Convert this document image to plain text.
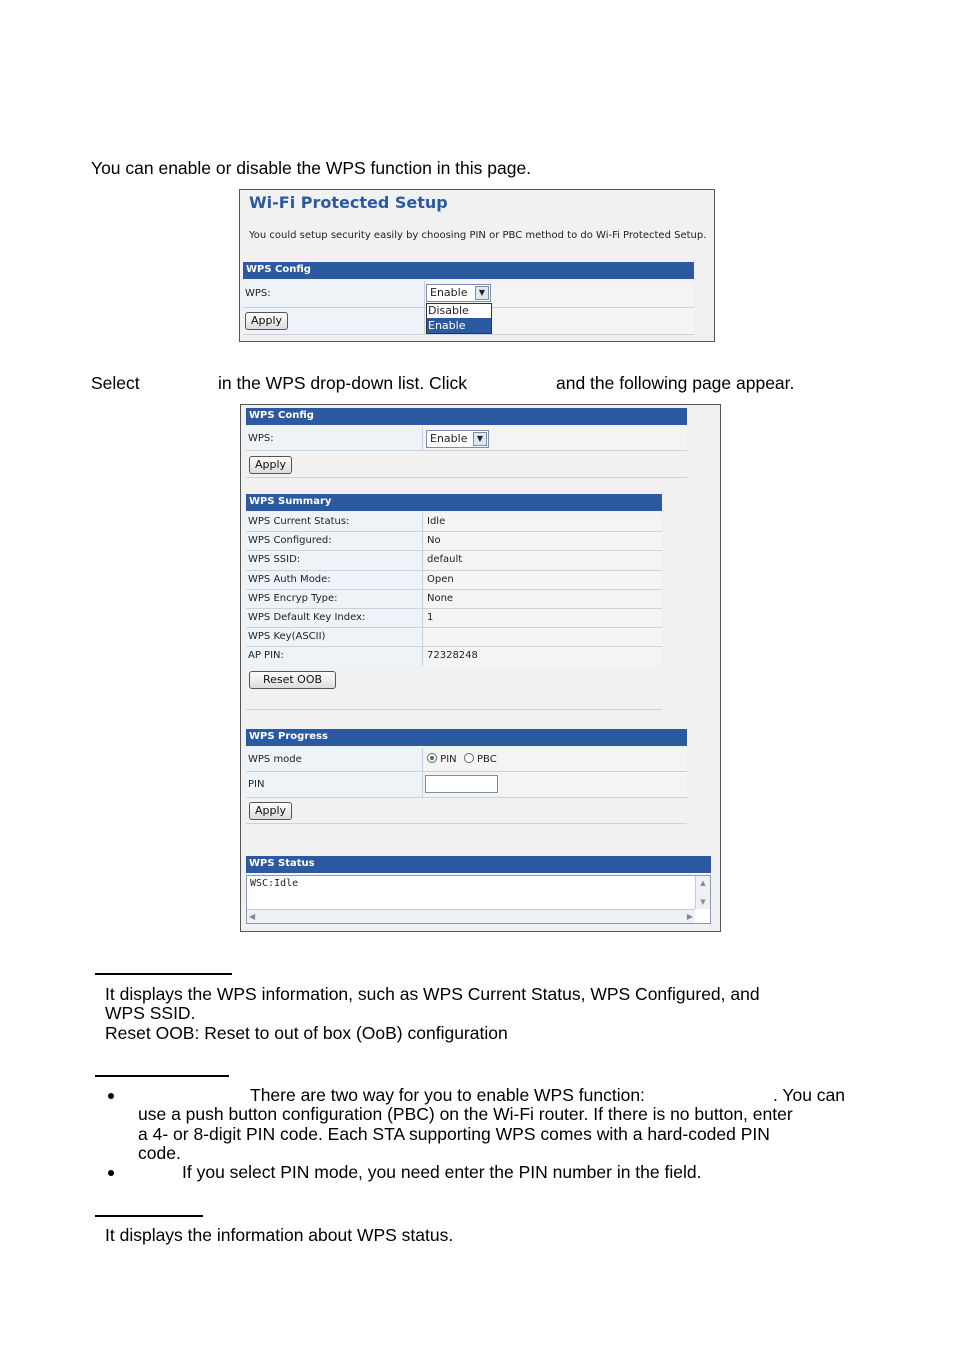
You can enable or disable the WPS function in this page.
Wi-Fi Protected Setup
You could setup security easily by choosing PIN or PBC method to do Wi-Fi Protected Setup.
WPS Config
WPS:	Enable	▼
Apply
Disable
Enable
Select	in the WPS drop-down list. Click	and the following page appear.
WPS Config
WPS:	Enable	▼
Apply
WPS Summary
WPS Current Status:	Idle
WPS Configured:	No
WPS SSID:	default
WPS Auth Mode:	Open
WPS Encryp Type:	None
WPS Default Key Index:	1
WPS Key(ASCII)
AP PIN:	72328248
Reset OOB
WPS Progress
WPS mode	PIN PBC
PIN
Apply
WPS Status
WSC:Idle	▲
▼
◀	▶
It displays the WPS information, such as WPS Current Status, WPS Configured, and
WPS SSID.
Reset OOB: Reset to out of box (OoB) configuration
There are two way for you to enable WPS function:	. You can
use a push button configuration (PBC) on the Wi-Fi router. If there is no button, enter
a 4- or 8-digit PIN code. Each STA supporting WPS comes with a hard-coded PIN
code.
If you select PIN mode, you need enter the PIN number in the field.
It displays the information about WPS status.
